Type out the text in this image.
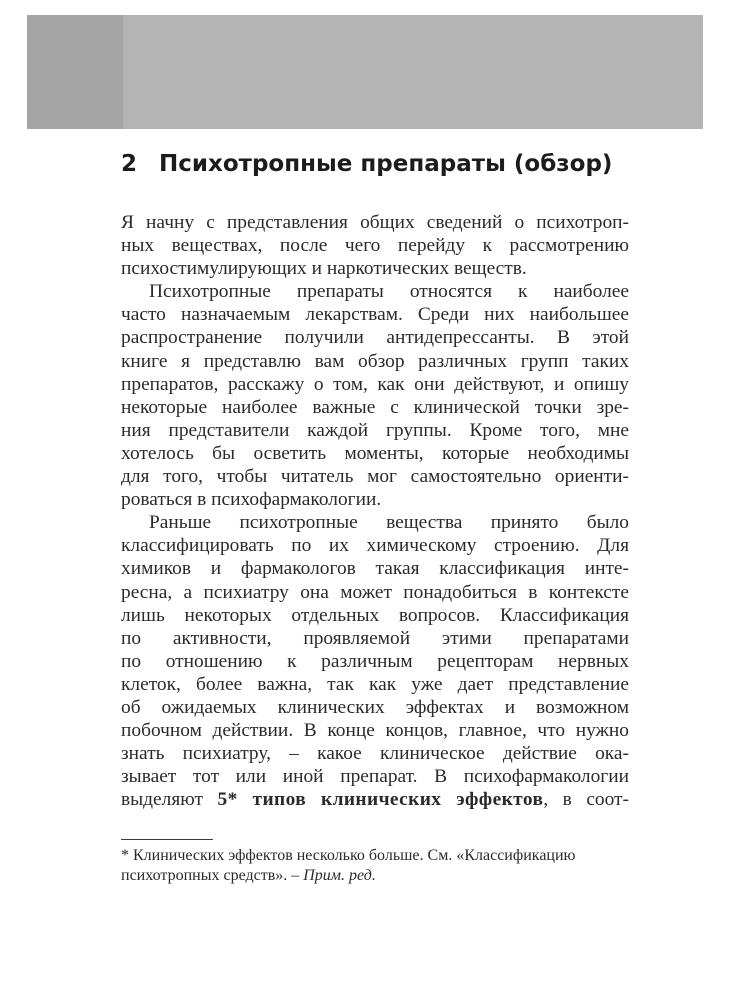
2 Психотропные препараты (обзор)
Я начну с представления общих сведений о психотроп-
ных веществах, после чего перейду к рассмотрению
психостимулирующих и наркотических веществ.
Психотропные препараты относятся к наиболее
часто назначаемым лекарствам. Среди них наибольшее
распространение получили антидепрессанты. В этой
книге я представлю вам обзор различных групп таких
препаратов, расскажу о том, как они действуют, и опишу
некоторые наиболее важные с клинической точки зре-
ния представители каждой группы. Кроме того, мне
хотелось бы осветить моменты, которые необходимы
для того, чтобы читатель мог самостоятельно ориенти-
роваться в психофармакологии.
Раньше психотропные вещества принято было
классифицировать по их химическому строению. Для
химиков и фармакологов такая классификация инте-
ресна, а психиатру она может понадобиться в контексте
лишь некоторых отдельных вопросов. Классификация
по активности, проявляемой этими препаратами
по отношению к различным рецепторам нервных
клеток, более важна, так как уже дает представление
об ожидаемых клинических эффектах и возможном
побочном действии. В конце концов, главное, что нужно
знать психиатру, – какое клиническое действие ока-
зывает тот или иной препарат. В психофармакологии
выделяют 5* типов клинических эффектов, в соот-
* Клинических эффектов несколько больше. См. «Классификацию
психотропных средств». – Прим. ред.
